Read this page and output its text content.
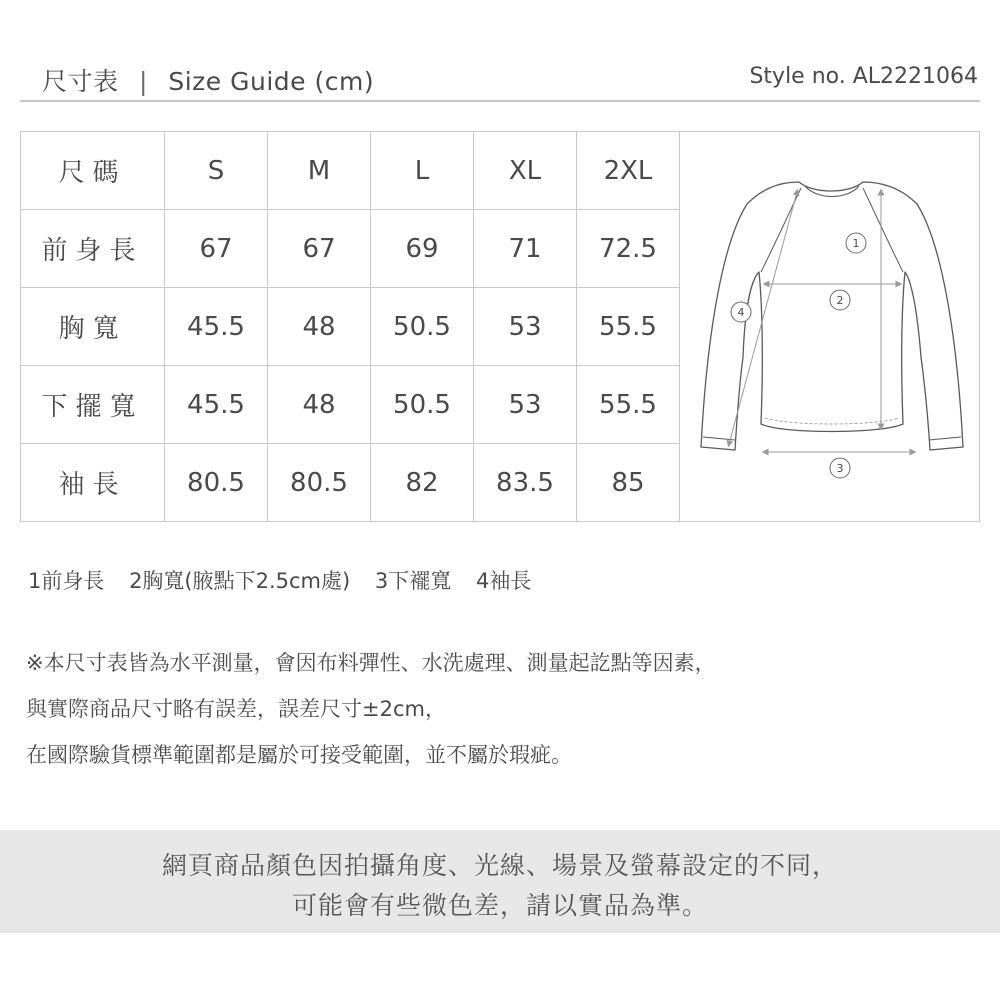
尺寸表 | Size Guide (cm)	Style no. AL2221064
尺碼	S	M	L	XL	2XL	
前身長	67	67	69	71	72.5	
胸寬	45.5	48	50.5	53	55.5	
下擺寬	45.5	48	50.5	53	55.5	
袖長	80.5	80.5	82	83.5	85	
1
2
3
4
1前身長 2胸寬(腋點下2.5cm處) 3下襬寬 4袖長
※本尺寸表皆為水平測量，會因布料彈性、水洗處理、測量起訖點等因素，
與實際商品尺寸略有誤差，誤差尺寸±2cm，
在國際驗貨標準範圍都是屬於可接受範圍，並不屬於瑕疵。
網頁商品顏色因拍攝角度、光線、場景及螢幕設定的不同，
可能會有些微色差，請以實品為準。
